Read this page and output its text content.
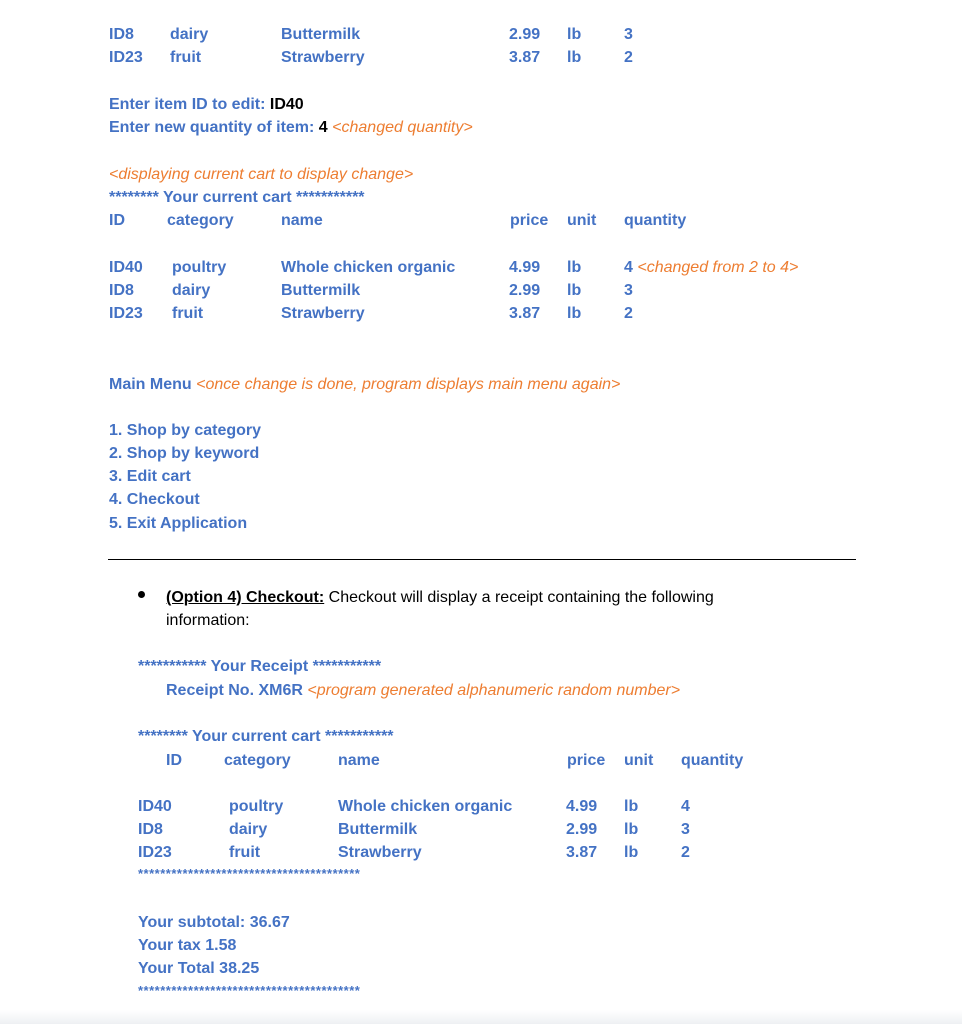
ID8 dairy	Buttermilk	2.99 lb	3
ID23 fruit	Strawberry	3.87 lb	2
Enter item ID to edit: ID40
Enter new quantity of item: 4 <changed quantity>
<displaying current cart to display change>
******** Your current cart ***********
ID	category	name	price unit quantity
ID40 poultry	Whole chicken organic	4.99 lb	4 <changed from 2 to 4>
ID8 dairy	Buttermilk	2.99 lb	3
ID23 fruit	Strawberry	3.87 lb	2
Main Menu <once change is done, program displays main menu again>
1. Shop by category
2. Shop by keyword
3. Edit cart
4. Checkout
5. Exit Application
(Option 4) Checkout: Checkout will display a receipt containing the following
information:
*********** Your Receipt ***********
Receipt No. XM6R <program generated alphanumeric random number>
******** Your current cart ***********
ID	category	name	price unit quantity
ID40	poultry	Whole chicken organic	4.99 lb	4
ID8	dairy	Buttermilk	2.99 lb	3
ID23	fruit	Strawberry	3.87 lb	2
****************************************
Your subtotal: 36.67
Your tax 1.58
Your Total 38.25
****************************************
